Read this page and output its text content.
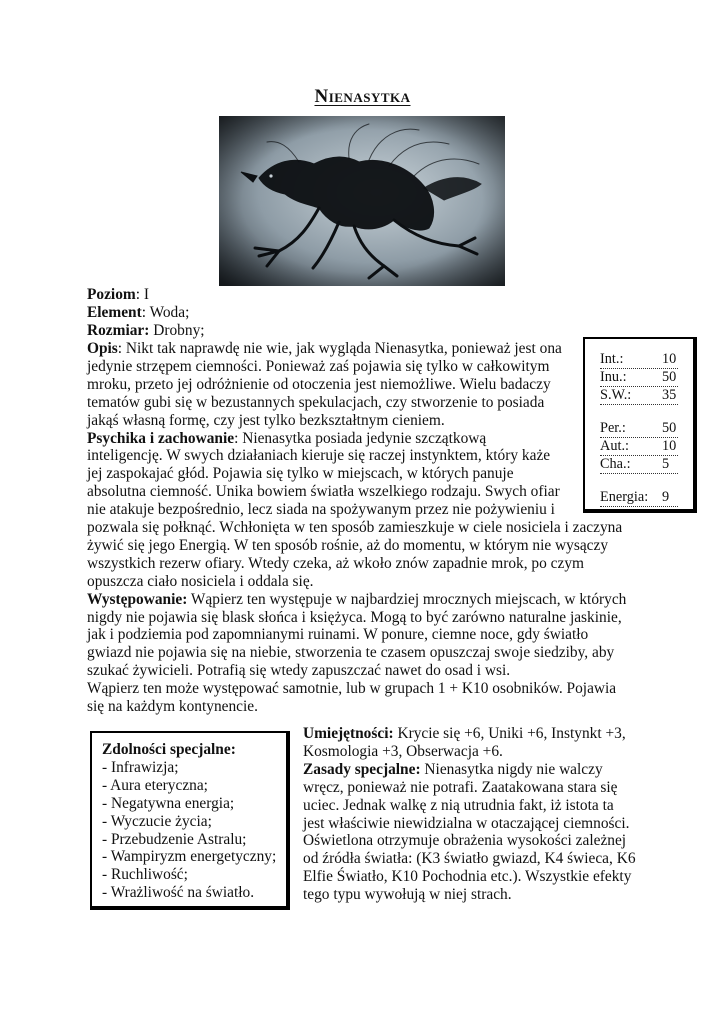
Nienasytka
Poziom: I
Element: Woda;
Rozmiar: Drobny;
Opis: Nikt tak naprawdę nie wie, jak wygląda Nienasytka, ponieważ jest ona
jedynie strzępem ciemności. Ponieważ zaś pojawia się tylko w całkowitym
mroku, przeto jej odróżnienie od otoczenia jest niemożliwe. Wielu badaczy
tematów gubi się w bezustannych spekulacjach, czy stworzenie to posiada
jakąś własną formę, czy jest tylko bezkształtnym cieniem.
Psychika i zachowanie: Nienasytka posiada jedynie szczątkową
inteligencję. W swych działaniach kieruje się raczej instynktem, który każe
jej zaspokajać głód. Pojawia się tylko w miejscach, w których panuje
absolutna ciemność. Unika bowiem światła wszelkiego rodzaju. Swych ofiar
nie atakuje bezpośrednio, lecz siada na spożywanym przez nie pożywieniu i
pozwala się połknąć. Wchłonięta w ten sposób zamieszkuje w ciele nosiciela i zaczyna
żywić się jego Energią. W ten sposób rośnie, aż do momentu, w którym nie wysączy
wszystkich rezerw ofiary. Wtedy czeka, aż wkoło znów zapadnie mrok, po czym
opuszcza ciało nosiciela i oddala się.
Występowanie: Wąpierz ten występuje w najbardziej mrocznych miejscach, w których
nigdy nie pojawia się blask słońca i księżyca. Mogą to być zarówno naturalne jaskinie,
jak i podziemia pod zapomnianymi ruinami. W ponure, ciemne noce, gdy światło
gwiazd nie pojawia się na niebie, stworzenia te czasem opuszczaj swoje siedziby, aby
szukać żywicieli. Potrafią się wtedy zapuszczać nawet do osad i wsi.
Wąpierz ten może występować samotnie, lub w grupach 1 + K10 osobników. Pojawia
się na każdym kontynencie.
Int.:	10

Inu.: 50

S.W.: 35

Per.:	50

Aut.: 10

Cha.: 5

Energia: 9

Zdolności specjalne:
- Infrawizja;
- Aura eteryczna;
- Negatywna energia;
- Wyczucie życia;
- Przebudzenie Astralu;
- Wampiryzm energetyczny;
- Ruchliwość;
- Wrażliwość na światło.
Umiejętności: Krycie się +6, Uniki +6, Instynkt +3,
Kosmologia +3, Obserwacja +6.
Zasady specjalne: Nienasytka nigdy nie walczy
wręcz, ponieważ nie potrafi. Zaatakowana stara się
uciec. Jednak walkę z nią utrudnia fakt, iż istota ta
jest właściwie niewidzialna w otaczającej ciemności.
Oświetlona otrzymuje obrażenia wysokości zależnej
od źródła światła: (K3 światło gwiazd, K4 świeca, K6
Elfie Światło, K10 Pochodnia etc.). Wszystkie efekty
tego typu wywołują w niej strach.
